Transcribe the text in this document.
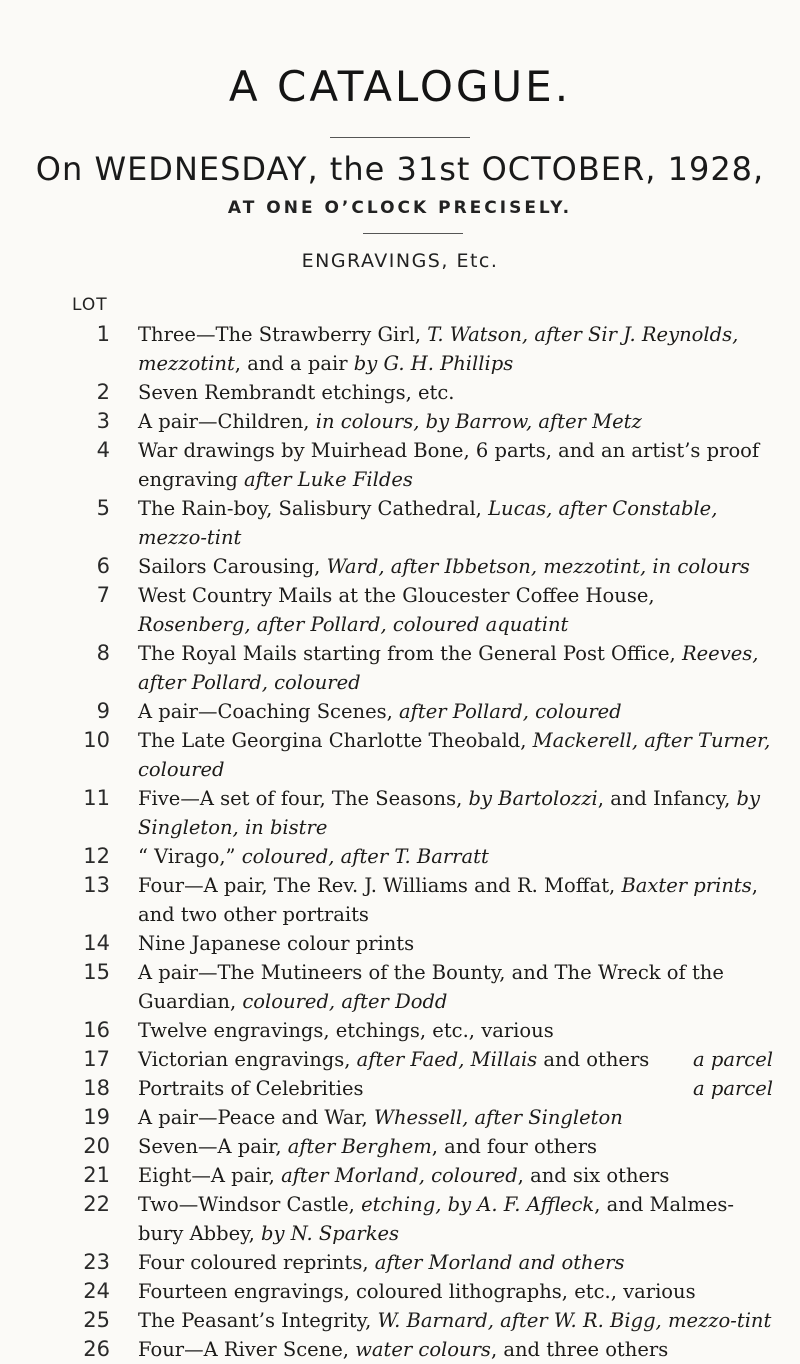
A CATALOGUE.
On WEDNESDAY, the 31st OCTOBER, 1928,
AT ONE O’CLOCK PRECISELY.
ENGRAVINGS, Etc.
LOT
1 Three—The Strawberry Girl, T. Watson, after Sir J. Reynolds, mezzotint, and a pair by G. H. Phillips
2 Seven Rembrandt etchings, etc.
3 A pair—Children, in colours, by Barrow, after Metz
4 War drawings by Muirhead Bone, 6 parts, and an artist’s proof engraving after Luke Fildes
5 The Rain-boy, Salisbury Cathedral, Lucas, after Constable, mezzo-tint
6 Sailors Carousing, Ward, after Ibbetson, mezzotint, in colours
7 West Country Mails at the Gloucester Coffee House, Rosenberg, after Pollard, coloured aquatint
8 The Royal Mails starting from the General Post Office, Reeves, after Pollard, coloured
9 A pair—Coaching Scenes, after Pollard, coloured
10 The Late Georgina Charlotte Theobald, Mackerell, after Turner, coloured
11 Five—A set of four, The Seasons, by Bartolozzi, and Infancy, by Singleton, in bistre
12 “ Virago,” coloured, after T. Barratt
13 Four—A pair, The Rev. J. Williams and R. Moffat, Baxter prints, and two other portraits
14 Nine Japanese colour prints
15 A pair—The Mutineers of the Bounty, and The Wreck of the Guardian, coloured, after Dodd
16 Twelve engravings, etchings, etc., various
17	a parcel
Victorian engravings, after Faed, Millais and others
18	a parcel
Portraits of Celebrities
19 A pair—Peace and War, Whessell, after Singleton
20 Seven—A pair, after Berghem, and four others
21 Eight—A pair, after Morland, coloured, and six others
22 Two—Windsor Castle, etching, by A. F. Affleck, and Malmes-bury Abbey, by N. Sparkes
23 Four coloured reprints, after Morland and others
24 Fourteen engravings, coloured lithographs, etc., various
25 The Peasant’s Integrity, W. Barnard, after W. R. Bigg, mezzo-tint
26 Four—A River Scene, water colours, and three others
